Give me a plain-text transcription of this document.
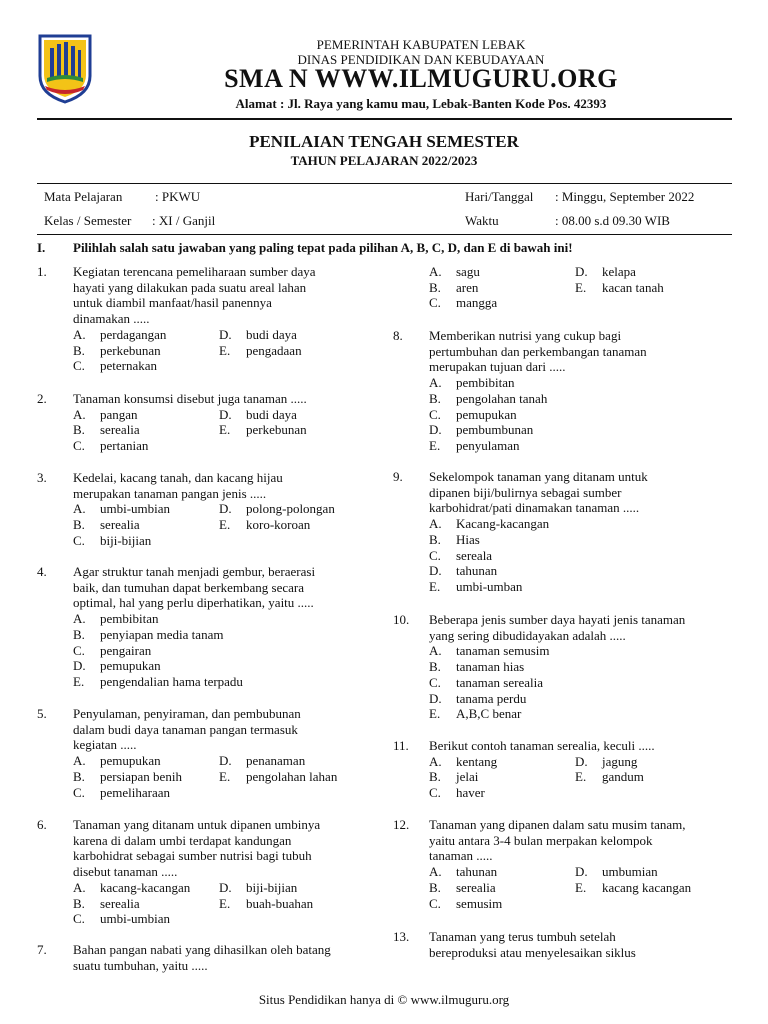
PEMERINTAH KABUPATEN LEBAK
DINAS PENDIDIKAN DAN KEBUDAYAAN
SMA N WWW.ILMUGURU.ORG
Alamat : Jl. Raya yang kamu mau, Lebak-Banten Kode Pos. 42393
PENILAIAN TENGAH SEMESTER
TAHUN PELAJARAN 2022/2023
Mata Pelajaran	: PKWU	Hari/Tanggal : Minggu, September 2022
Kelas / Semester : XI / Ganjil	Waktu	: 08.00 s.d 09.30 WIB
I. Pilihlah salah satu jawaban yang paling tepat pada pilihan A, B, C, D, dan E di bawah ini!
1. Kegiatan terencana pemeliharaan sumber daya
hayati yang dilakukan pada suatu areal lahan
untuk diambil manfaat/hasil panennya
dinamakan .....
A. perdagangan	D. budi daya
B. perkebunan	E. pengadaan
C. peternakan
2. Tanaman konsumsi disebut juga tanaman .....
A. pangan	D. budi daya
B. serealia	E. perkebunan
C. pertanian
3. Kedelai, kacang tanah, dan kacang hijau
merupakan tanaman pangan jenis .....
A. umbi-umbian	D. polong-polongan
B. serealia	E. koro-koroan
C. biji-bijian
4. Agar struktur tanah menjadi gembur, beraerasi
baik, dan tumuhan dapat berkembang secara
optimal, hal yang perlu diperhatikan, yaitu .....
A. pembibitan
B. penyiapan media tanam
C. pengairan
D. pemupukan
E. pengendalian hama terpadu
5. Penyulaman, penyiraman, dan pembubunan
dalam budi daya tanaman pangan termasuk
kegiatan .....
A. pemupukan	D. penanaman
B. persiapan benih	E. pengolahan lahan
C. pemeliharaan
6. Tanaman yang ditanam untuk dipanen umbinya
karena di dalam umbi terdapat kandungan
karbohidrat sebagai sumber nutrisi bagi tubuh
disebut tanaman .....
A. kacang-kacangan D. biji-bijian
B. serealia	E. buah-buahan
C. umbi-umbian
7. Bahan pangan nabati yang dihasilkan oleh batang
suatu tumbuhan, yaitu .....
A. sagu	D. kelapa
B. aren	E. kacan tanah
C. mangga
8. Memberikan nutrisi yang cukup bagi
pertumbuhan dan perkembangan tanaman
merupakan tujuan dari .....
A. pembibitan
B. pengolahan tanah
C. pemupukan
D. pembumbunan
E. penyulaman
9. Sekelompok tanaman yang ditanam untuk
dipanen biji/bulirnya sebagai sumber
karbohidrat/pati dinamakan tanaman .....
A. Kacang-kacangan
B. Hias
C. sereala
D. tahunan
E. umbi-umban
10. Beberapa jenis sumber daya hayati jenis tanaman
yang sering dibudidayakan adalah .....
A. tanaman semusim
B. tanaman hias
C. tanaman serealia
D. tanama perdu
E. A,B,C benar
11. Berikut contoh tanaman serealia, keculi .....
A. kentang	D. jagung
B. jelai	E. gandum
C. haver
12. Tanaman yang dipanen dalam satu musim tanam,
yaitu antara 3-4 bulan merpakan kelompok
tanaman .....
A. tahunan	D. umbumian
B. serealia	E. kacang kacangan
C. semusim
13. Tanaman yang terus tumbuh setelah
bereproduksi atau menyelesaikan siklus
Situs Pendidikan hanya di © www.ilmuguru.org
